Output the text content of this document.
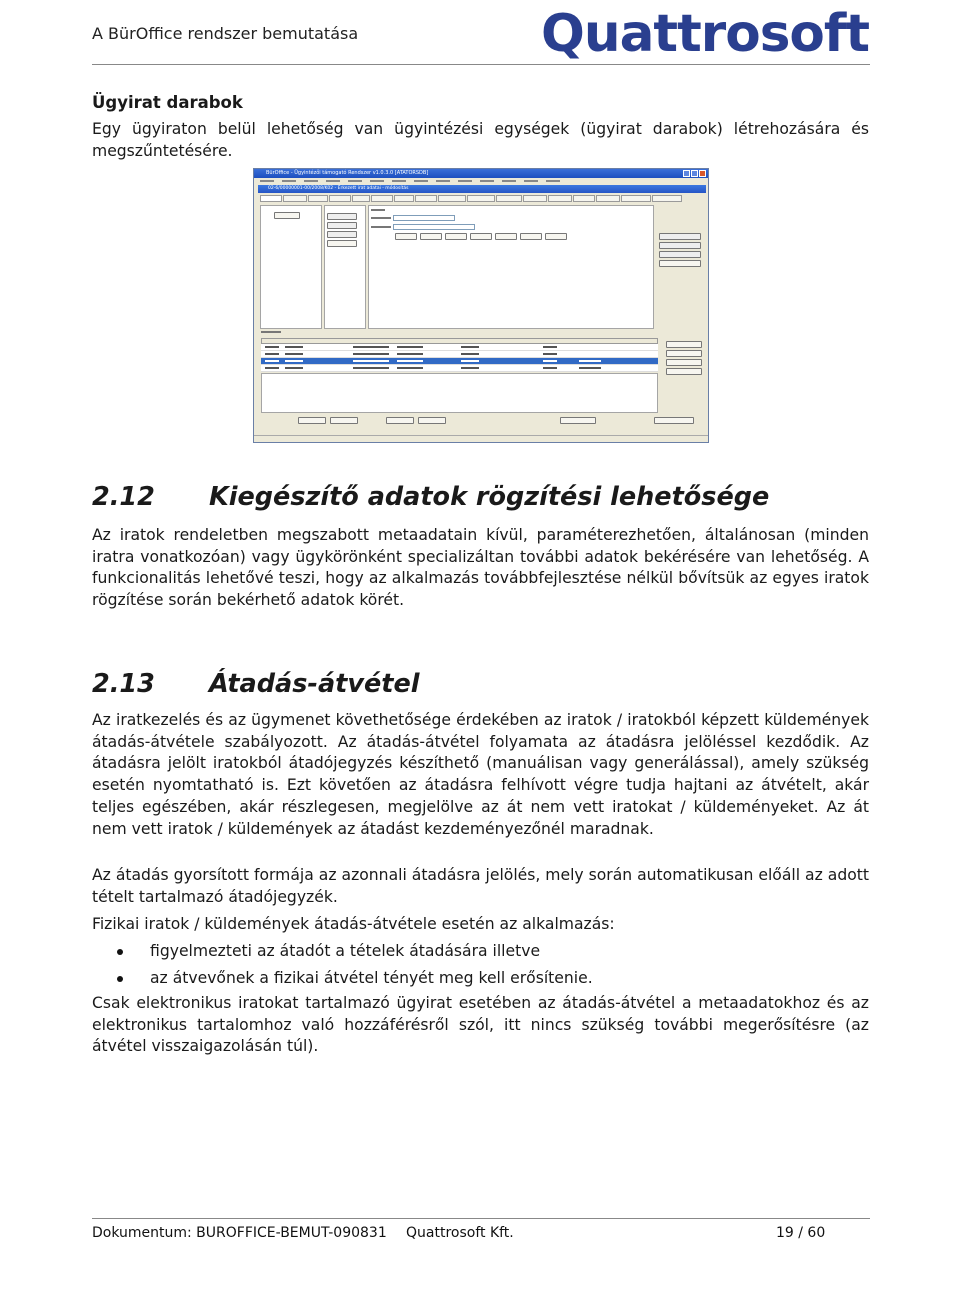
A BürOffice rendszer bemutatása	Quattrosoft
Ügyirat darabok
Egy ügyiraton belül lehetőség van ügyintézési egységek (ügyirat darabok) létrehozására és megszűntetésére.
BürOffice - Ügyintézői támogató Rendszer v1.0.3.0 [ATATORSDB]
02-6/00000001-00/2008/K02 - Érkezett irat adatai - módosítás
2.12 Kiegészítő adatok rögzítési lehetősége
Az iratok rendeletben megszabott metaadatain kívül, paraméterezhetően, általánosan (minden iratra vonatkozóan) vagy ügykörönként specializáltan további adatok bekérésére van lehetőség. A funkcionalitás lehetővé teszi, hogy az alkalmazás továbbfejlesztése nélkül bővítsük az egyes iratok rögzítése során bekérhető adatok körét.
2.13 Átadás-átvétel
Az iratkezelés és az ügymenet követhetősége érdekében az iratok / iratokból képzett küldemények átadás-átvétele szabályozott. Az átadás-átvétel folyamata az átadásra jelöléssel kezdődik. Az átadásra jelölt iratokból átadójegyzés készíthető (manuálisan vagy generálással), amely szükség esetén nyomtatható is. Ezt követően az átadásra felhívott végre tudja hajtani az átvételt, akár teljes egészében, akár részlegesen, megjelölve az át nem vett iratokat / küldeményeket. Az át nem vett iratok / küldemények az átadást kezdeményezőnél maradnak.
Az átadás gyorsított formája az azonnali átadásra jelölés, mely során automatikusan előáll az adott tételt tartalmazó átadójegyzék.
Fizikai iratok / küldemények átadás-átvétele esetén az alkalmazás:
figyelmezteti az átadót a tételek átadására illetve
az átvevőnek a fizikai átvétel tényét meg kell erősítenie.
Csak elektronikus iratokat tartalmazó ügyirat esetében az átadás-átvétel a metaadatokhoz és az elektronikus tartalomhoz való hozzáférésről szól, itt nincs szükség további megerősítésre (az átvétel visszaigazolásán túl).
Dokumentum: BUROFFICE-BEMUT-090831 Quattrosoft Kft.	19 / 60
